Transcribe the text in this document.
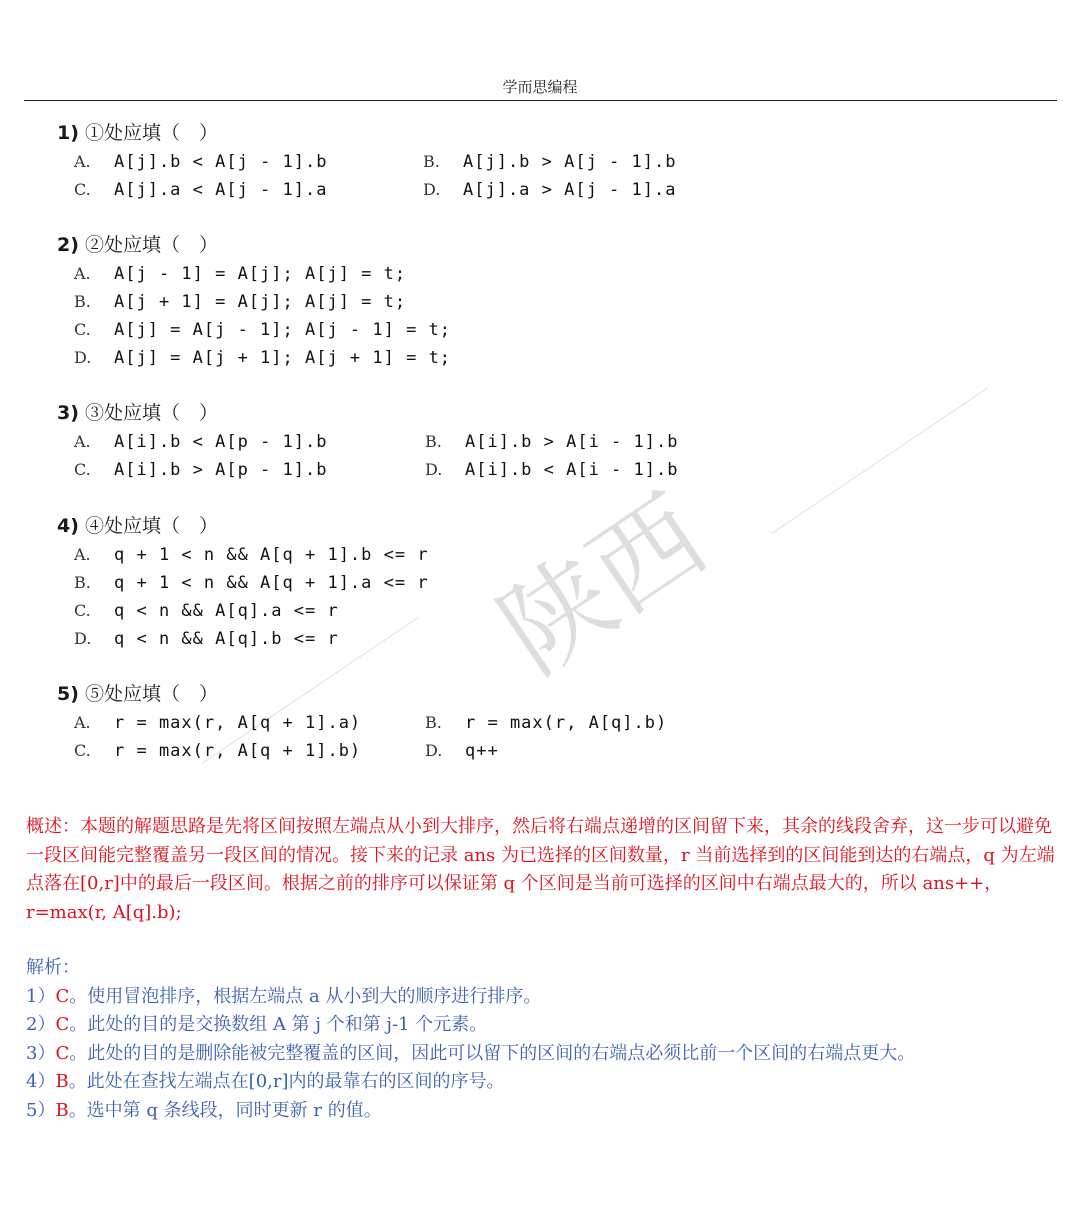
学而思编程
陕西
1) ①处应填（　）
A. A[j].b < A[j - 1].b	B. A[j].b > A[j - 1].b
C. A[j].a < A[j - 1].a	D. A[j].a > A[j - 1].a
2) ②处应填（　）
A. A[j - 1] = A[j]; A[j] = t;
B. A[j + 1] = A[j]; A[j] = t;
C. A[j] = A[j - 1]; A[j - 1] = t;
D. A[j] = A[j + 1]; A[j + 1] = t;
3) ③处应填（　）
A. A[i].b < A[p - 1].b	B. A[i].b > A[i - 1].b
C. A[i].b > A[p - 1].b	D. A[i].b < A[i - 1].b
4) ④处应填（　）
A. q + 1 < n && A[q + 1].b <= r
B. q + 1 < n && A[q + 1].a <= r
C. q < n && A[q].a <= r
D. q < n && A[q].b <= r
5) ⑤处应填（　）
A. r = max(r, A[q + 1].a)	B. r = max(r, A[q].b)
C. r = max(r, A[q + 1].b)	D. q++
概述：本题的解题思路是先将区间按照左端点从小到大排序，然后将右端点递增的区间留下来，其余的线段舍弃，这一步可以避免一段区间能完整覆盖另一段区间的情况。接下来的记录 ans 为已选择的区间数量，r 当前选择到的区间能到达的右端点，q 为左端点落在[0,r]中的最后一段区间。根据之前的排序可以保证第 q 个区间是当前可选择的区间中右端点最大的，所以 ans++，r=max(r, A[q].b);
解析：
1）C。使用冒泡排序，根据左端点 a 从小到大的顺序进行排序。
2）C。此处的目的是交换数组 A 第 j 个和第 j-1 个元素。
3）C。此处的目的是删除能被完整覆盖的区间，因此可以留下的区间的右端点必须比前一个区间的右端点更大。
4）B。此处在查找左端点在[0,r]内的最靠右的区间的序号。
5）B。选中第 q 条线段，同时更新 r 的值。
